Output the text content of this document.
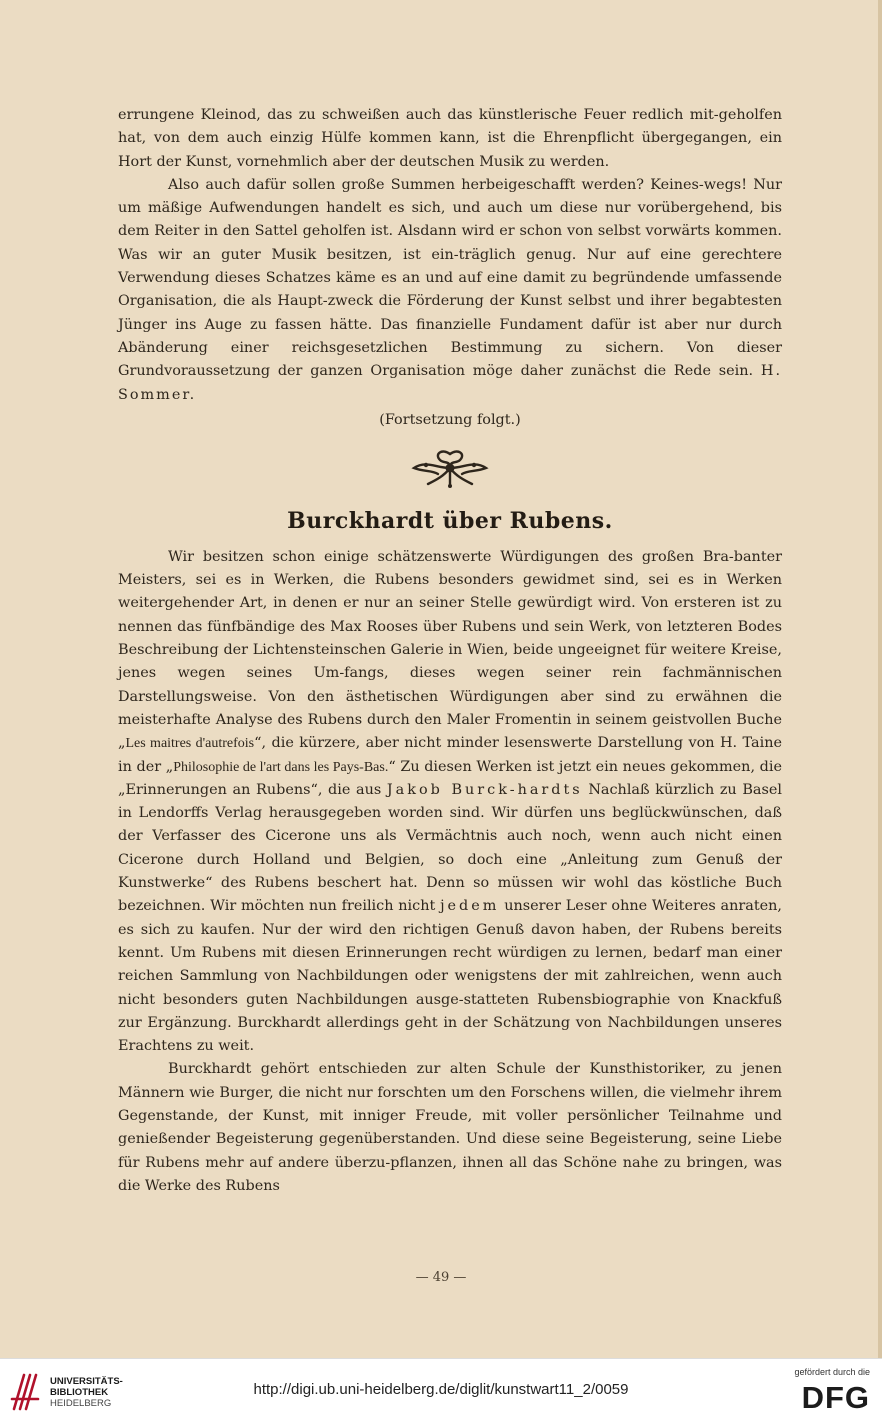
errungene Kleinod, das zu schweißen auch das künstlerische Feuer redlich mit-geholfen hat, von dem auch einzig Hülfe kommen kann, ist die Ehrenpflicht übergegangen, ein Hort der Kunst, vornehmlich aber der deutschen Musik zu werden.

Also auch dafür sollen große Summen herbeigeschafft werden? Keines-wegs! Nur um mäßige Aufwendungen handelt es sich, und auch um diese nur vorübergehend, bis dem Reiter in den Sattel geholfen ist. Alsdann wird er schon von selbst vorwärts kommen. Was wir an guter Musik besitzen, ist ein-träglich genug. Nur auf eine gerechtere Verwendung dieses Schatzes käme es an und auf eine damit zu begründende umfassende Organisation, die als Haupt-zweck die Förderung der Kunst selbst und ihrer begabtesten Jünger ins Auge zu fassen hätte. Das finanzielle Fundament dafür ist aber nur durch Abänderung einer reichsgesetzlichen Bestimmung zu sichern. Von dieser Grundvoraussetzung der ganzen Organisation möge daher zunächst die Rede sein. H. Sommer.

(Fortsetzung folgt.)
Burckhardt über Rubens.

Wir besitzen schon einige schätzenswerte Würdigungen des großen Bra-banter Meisters, sei es in Werken, die Rubens besonders gewidmet sind, sei es in Werken weitergehender Art, in denen er nur an seiner Stelle gewürdigt wird. Von ersteren ist zu nennen das fünfbändige des Max Rooses über Rubens und sein Werk, von letzteren Bodes Beschreibung der Lichtensteinschen Galerie in Wien, beide ungeeignet für weitere Kreise, jenes wegen seines Um-fangs, dieses wegen seiner rein fachmännischen Darstellungsweise. Von den ästhetischen Würdigungen aber sind zu erwähnen die meisterhafte Analyse des Rubens durch den Maler Fromentin in seinem geistvollen Buche „Les maitres d'autrefois“, die kürzere, aber nicht minder lesenswerte Darstellung von H. Taine in der „Philosophie de l'art dans les Pays-Bas.“ Zu diesen Werken ist jetzt ein neues gekommen, die „Erinnerungen an Rubens“, die aus Jakob Burck-hardts Nachlaß kürzlich zu Basel in Lendorffs Verlag herausgegeben worden sind. Wir dürfen uns beglückwünschen, daß der Verfasser des Cicerone uns als Vermächtnis auch noch, wenn auch nicht einen Cicerone durch Holland und Belgien, so doch eine „Anleitung zum Genuß der Kunstwerke“ des Rubens beschert hat. Denn so müssen wir wohl das köstliche Buch bezeichnen. Wir möchten nun freilich nicht jedem unserer Leser ohne Weiteres anraten, es sich zu kaufen. Nur der wird den richtigen Genuß davon haben, der Rubens bereits kennt. Um Rubens mit diesen Erinnerungen recht würdigen zu lernen, bedarf man einer reichen Sammlung von Nachbildungen oder wenigstens der mit zahlreichen, wenn auch nicht besonders guten Nachbildungen ausge-statteten Rubensbiographie von Knackfuß zur Ergänzung. Burckhardt allerdings geht in der Schätzung von Nachbildungen unseres Erachtens zu weit.

Burckhardt gehört entschieden zur alten Schule der Kunsthistoriker, zu jenen Männern wie Burger, die nicht nur forschten um den Forschens willen, die vielmehr ihrem Gegenstande, der Kunst, mit inniger Freude, mit voller persönlicher Teilnahme und genießender Begeisterung gegenüberstanden. Und diese seine Begeisterung, seine Liebe für Rubens mehr auf andere überzu-pflanzen, ihnen all das Schöne nahe zu bringen, was die Werke des Rubens

— 49 —
UNIVERSITÄTS-
BIBLIOTHEK
HEIDELBERG
http://digi.ub.uni-heidelberg.de/diglit/kunstwart11_2/0059
gefördert durch die
DFG
